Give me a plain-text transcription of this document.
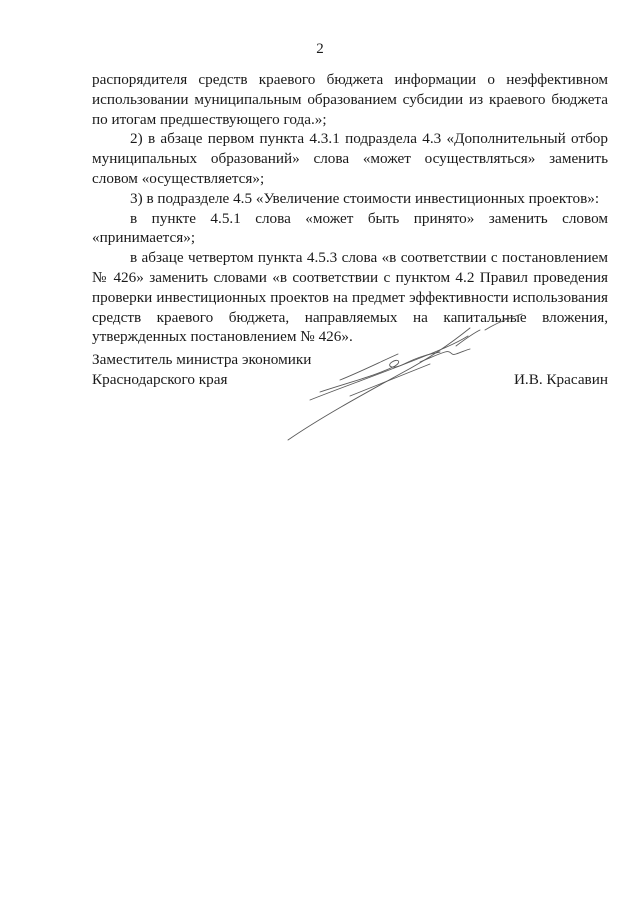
2

распорядителя средств краевого бюджета информации о неэффективном использовании муниципальным образованием субсидии из краевого бюджета по итогам предшествующего года.»;

2) в абзаце первом пункта 4.3.1 подраздела 4.3 «Дополнительный отбор муниципальных образований» слова «может осуществляться» заменить словом «осуществляется»;

3) в подразделе 4.5 «Увеличение стоимости инвестиционных проектов»:

в пункте 4.5.1 слова «может быть принято» заменить словом «принимается»;

в абзаце четвертом пункта 4.5.3 слова «в соответствии с постановлением № 426» заменить словами «в соответствии с пунктом 4.2 Правил проведения проверки инвестиционных проектов на предмет эффективности использования средств краевого бюджета, направляемых на капитальные вложения, утвержденных постановлением № 426».

Заместитель министра экономики
Краснодарского края	И.В. Красавин
